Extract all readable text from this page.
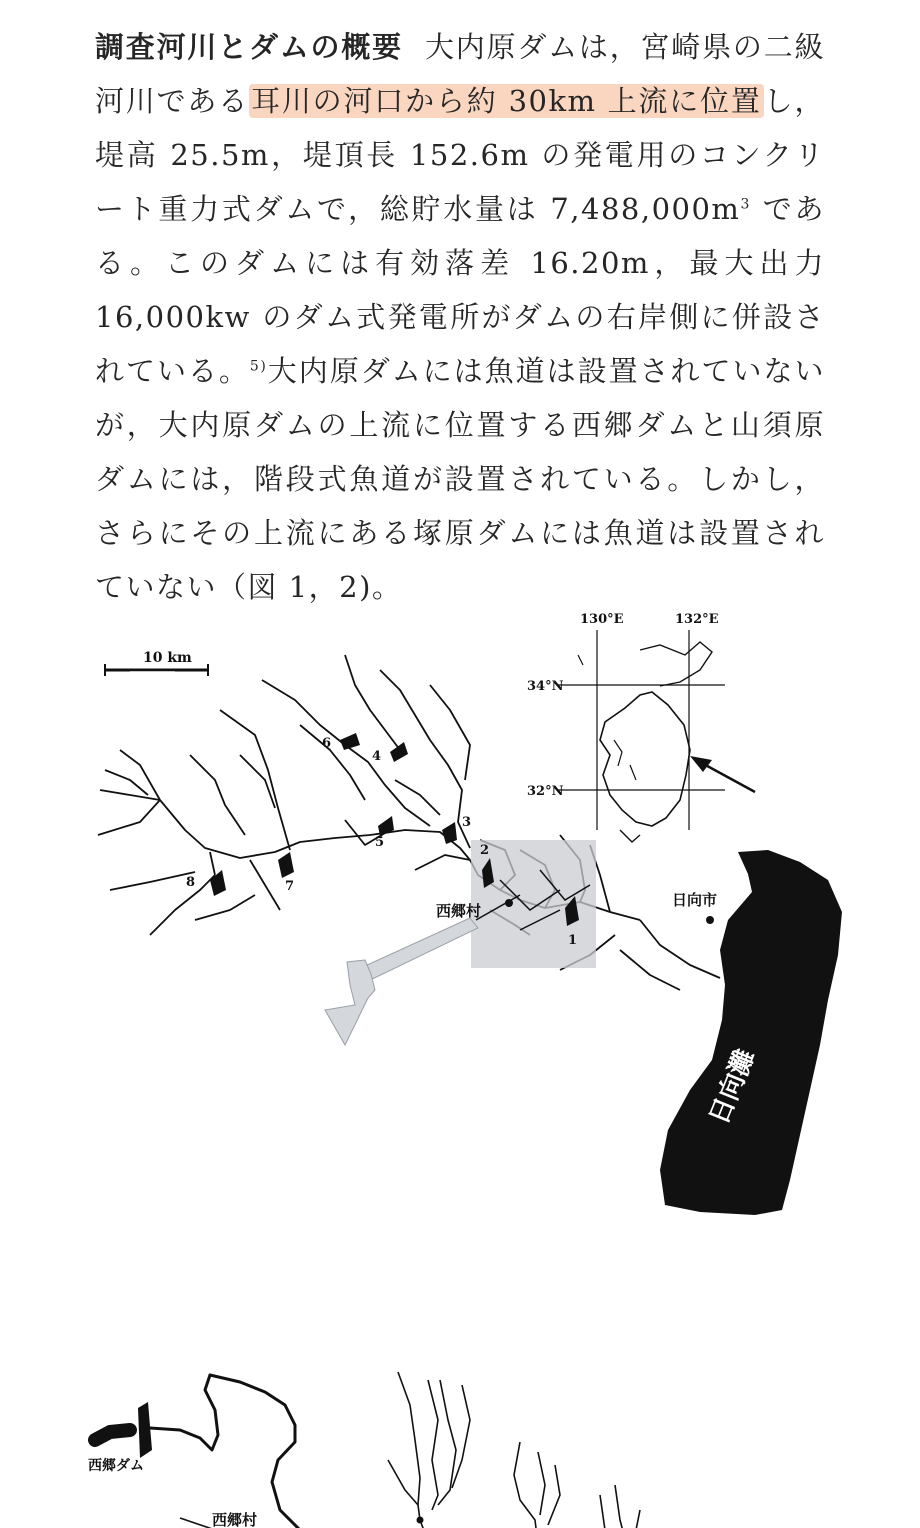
調査河川とダムの概要 大内原ダムは，宮崎県の二級河川である耳川の河口から約 30km 上流に位置し，堤高 25.5m，堤頂長 152.6m の発電用のコンクリート重力式ダムで，総貯水量は $7,488,000m^3$ である。このダムには有効落差 16.20m，最大出力 16,000kw のダム式発電所がダムの右岸側に併設されている。$^{5)}$大内原ダムには魚道は設置されていないが，大内原ダムの上流に位置する西郷ダムと山須原ダムには，階段式魚道が設置されている。しかし，さらにその上流にある塚原ダムには魚道は設置されていない（図 1，2)。
10 km
1
2
3
4
5
6
7
8
西郷村
日向市
日向灘
130°E	132°E
34°N
32°N
西郷ダム
西郷村
